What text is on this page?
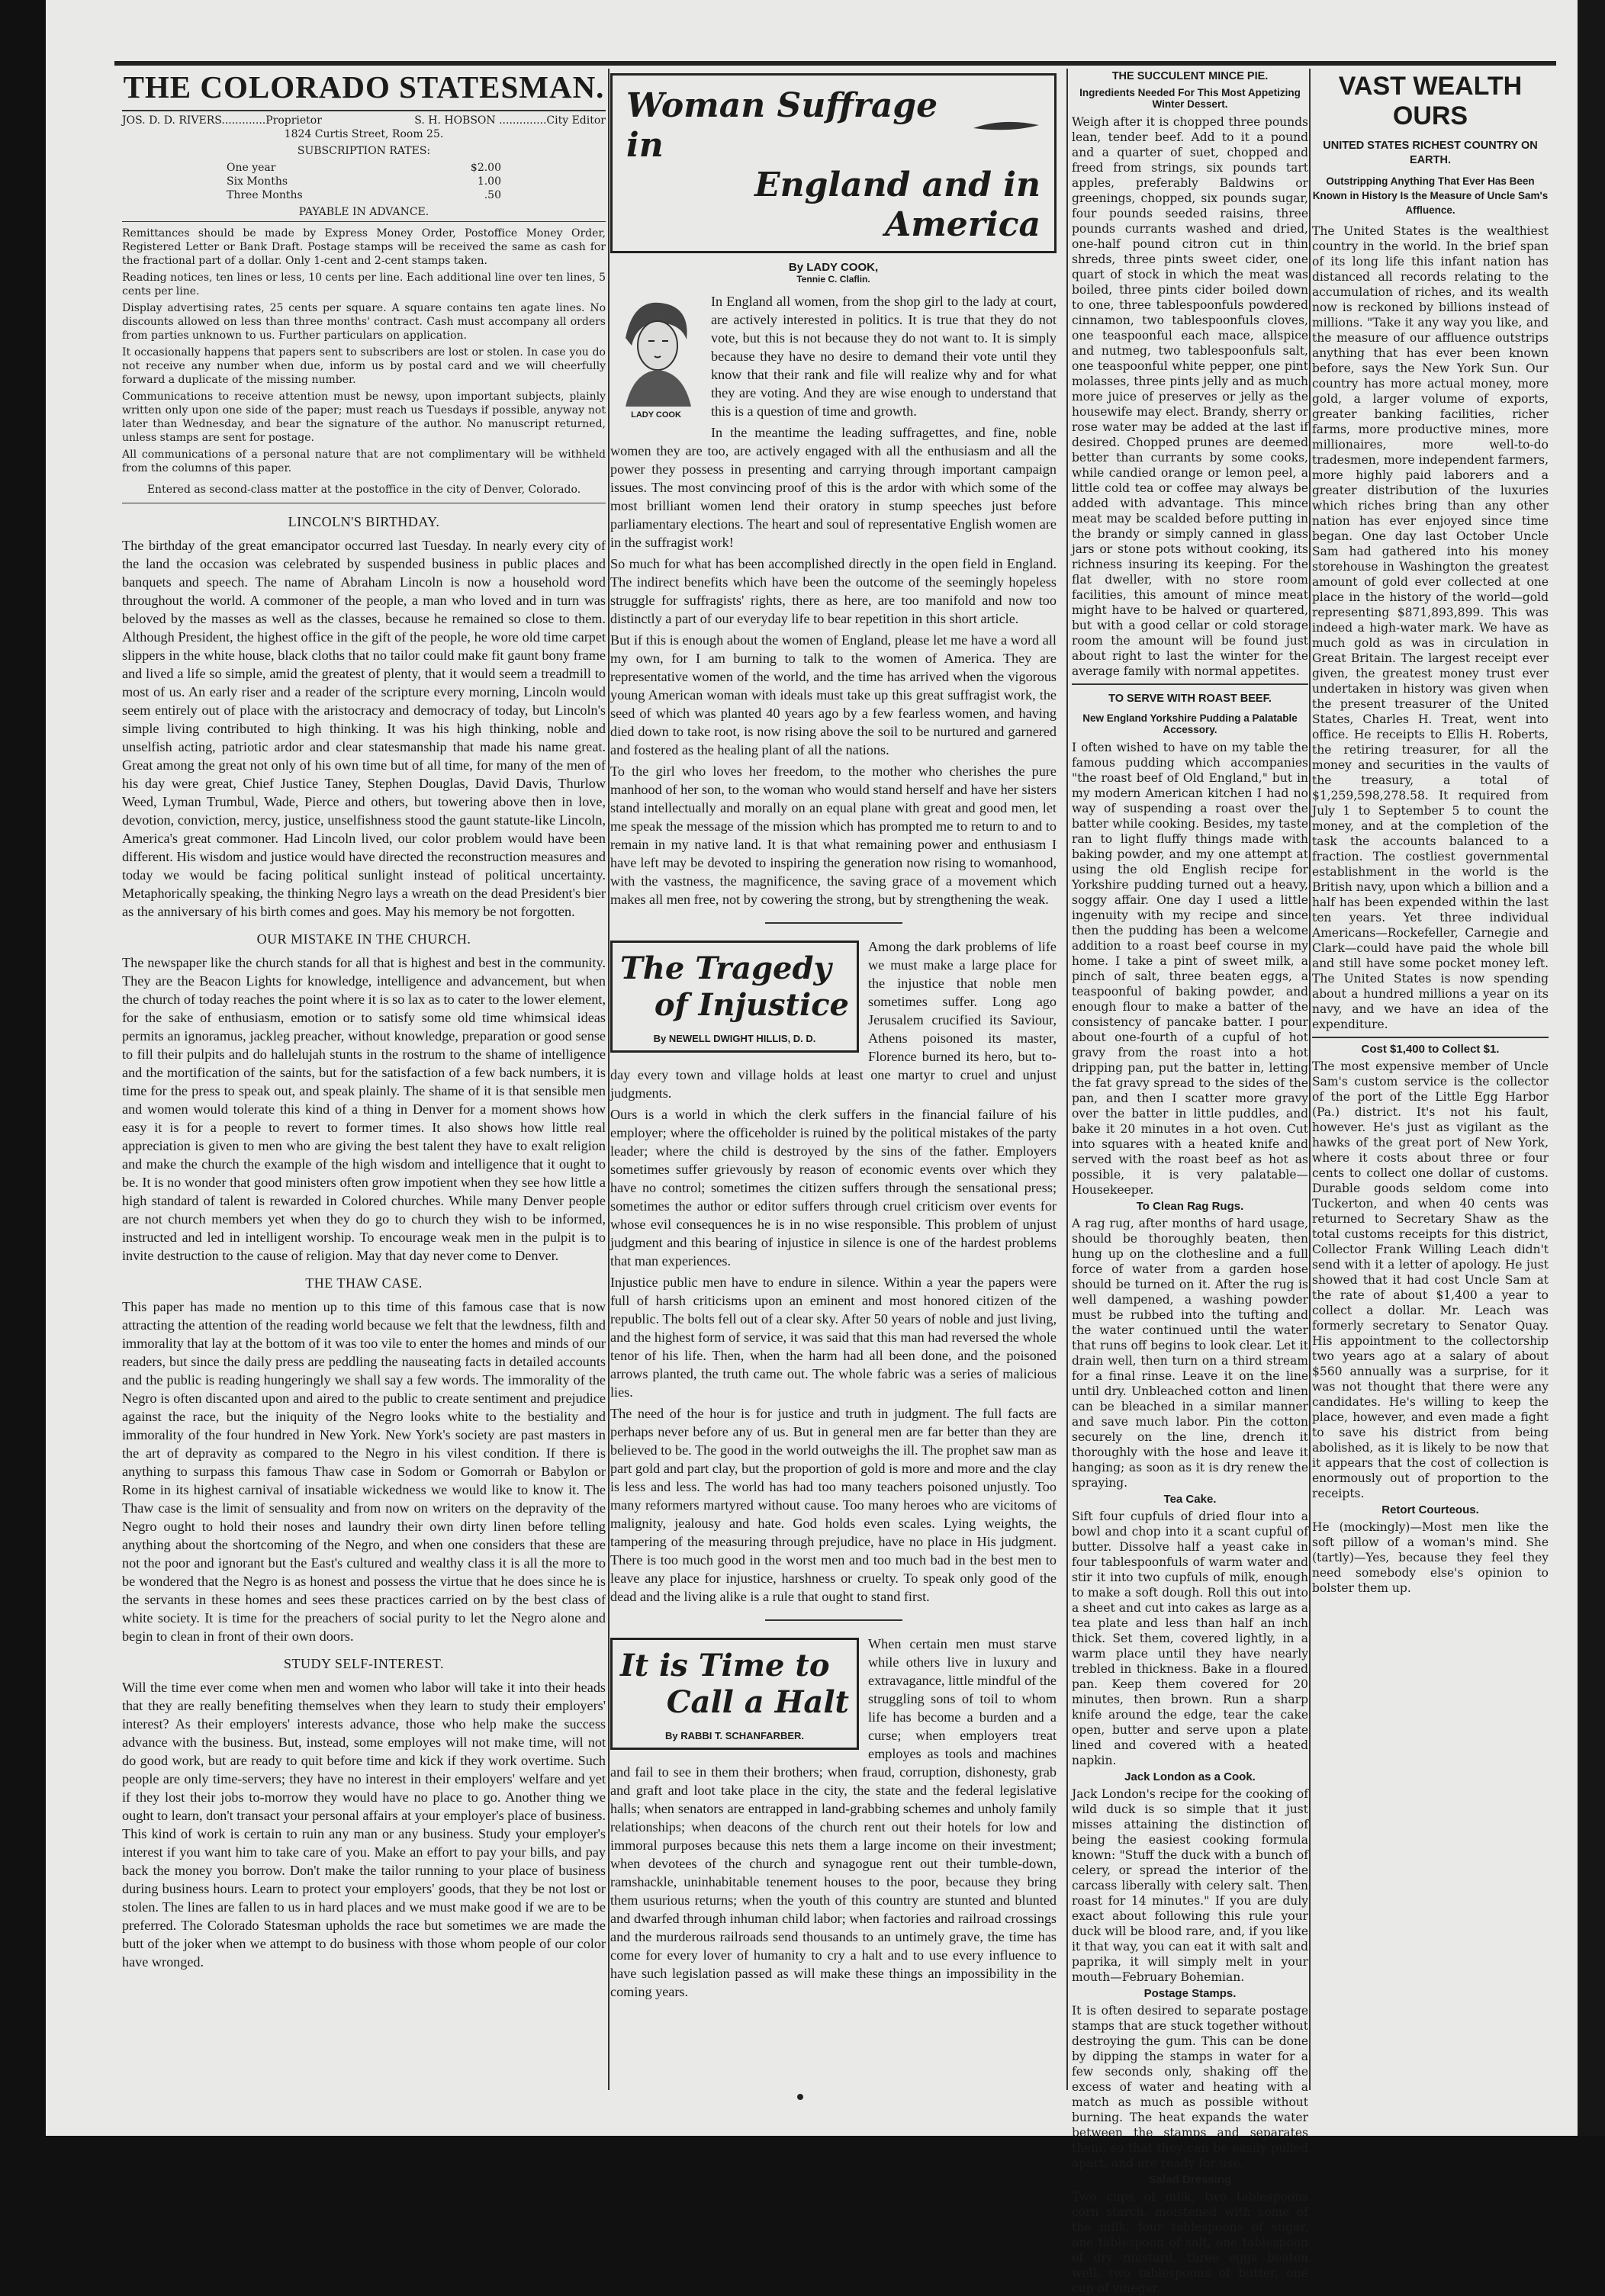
THE COLORADO STATESMAN.
JOS. D. D. RIVERS.............Proprietor	S. H. HOBSON ..............City Editor
1824 Curtis Street, Room 25.
SUBSCRIPTION RATES:
One year	$2.00
Six Months	1.00
Three Months	.50
PAYABLE IN ADVANCE.

Remittances should be made by Express Money Order, Postoffice Money Order, Registered Letter or Bank Draft. Postage stamps will be received the same as cash for the fractional part of a dollar. Only 1-cent and 2-cent stamps taken.

Reading notices, ten lines or less, 10 cents per line. Each additional line over ten lines, 5 cents per line.

Display advertising rates, 25 cents per square. A square contains ten agate lines. No discounts allowed on less than three months' contract. Cash must accompany all orders from parties unknown to us. Further particulars on application.

It occasionally happens that papers sent to subscribers are lost or stolen. In case you do not receive any number when due, inform us by postal card and we will cheerfully forward a duplicate of the missing number.

Communications to receive attention must be newsy, upon important subjects, plainly written only upon one side of the paper; must reach us Tuesdays if possible, anyway not later than Wednesday, and bear the signature of the author. No manuscript returned, unless stamps are sent for postage.

All communications of a personal nature that are not complimentary will be withheld from the columns of this paper.

Entered as second-class matter at the postoffice in the city of Denver, Colorado.

LINCOLN'S BIRTHDAY.

The birthday of the great emancipator occurred last Tuesday. In nearly every city of the land the occasion was celebrated by suspended business in public places and banquets and speech. The name of Abraham Lincoln is now a household word throughout the world. A commoner of the people, a man who loved and in turn was beloved by the masses as well as the classes, because he remained so close to them. Although President, the highest office in the gift of the people, he wore old time carpet slippers in the white house, black cloths that no tailor could make fit gaunt bony frame and lived a life so simple, amid the greatest of plenty, that it would seem a treadmill to most of us. An early riser and a reader of the scripture every morning, Lincoln would seem entirely out of place with the aristocracy and democracy of today, but Lincoln's simple living contributed to high thinking. It was his high thinking, noble and unselfish acting, patriotic ardor and clear statesmanship that made his name great. Great among the great not only of his own time but of all time, for many of the men of his day were great, Chief Justice Taney, Stephen Douglas, David Davis, Thurlow Weed, Lyman Trumbul, Wade, Pierce and others, but towering above then in love, devotion, conviction, mercy, justice, unselfishness stood the gaunt statute-like Lincoln, America's great commoner. Had Lincoln lived, our color problem would have been different. His wisdom and justice would have directed the reconstruction measures and today we would be facing political sunlight instead of political uncertainty. Metaphorically speaking, the thinking Negro lays a wreath on the dead President's bier as the anniversary of his birth comes and goes. May his memory be not forgotten.

OUR MISTAKE IN THE CHURCH.

The newspaper like the church stands for all that is highest and best in the community. They are the Beacon Lights for knowledge, intelligence and advancement, but when the church of today reaches the point where it is so lax as to cater to the lower element, for the sake of enthusiasm, emotion or to satisfy some old time whimsical ideas permits an ignoramus, jackleg preacher, without knowledge, preparation or good sense to fill their pulpits and do hallelujah stunts in the rostrum to the shame of intelligence and the mortification of the saints, but for the satisfaction of a few back numbers, it is time for the press to speak out, and speak plainly. The shame of it is that sensible men and women would tolerate this kind of a thing in Denver for a moment shows how easy it is for a people to revert to former times. It also shows how little real appreciation is given to men who are giving the best talent they have to exalt religion and make the church the example of the high wisdom and intelligence that it ought to be. It is no wonder that good ministers often grow impotient when they see how little a high standard of talent is rewarded in Colored churches. While many Denver people are not church members yet when they do go to church they wish to be informed, instructed and led in intelligent worship. To encourage weak men in the pulpit is to invite destruction to the cause of religion. May that day never come to Denver.

THE THAW CASE.

This paper has made no mention up to this time of this famous case that is now attracting the attention of the reading world because we felt that the lewdness, filth and immorality that lay at the bottom of it was too vile to enter the homes and minds of our readers, but since the daily press are peddling the nauseating facts in detailed accounts and the public is reading hungeringly we shall say a few words. The immorality of the Negro is often discanted upon and aired to the public to create sentiment and prejudice against the race, but the iniquity of the Negro looks white to the bestiality and immorality of the four hundred in New York. New York's society are past masters in the art of depravity as compared to the Negro in his vilest condition. If there is anything to surpass this famous Thaw case in Sodom or Gomorrah or Babylon or Rome in its highest carnival of insatiable wickedness we would like to know it. The Thaw case is the limit of sensuality and from now on writers on the depravity of the Negro ought to hold their noses and laundry their own dirty linen before telling anything about the shortcoming of the Negro, and when one considers that these are not the poor and ignorant but the East's cultured and wealthy class it is all the more to be wondered that the Negro is as honest and possess the virtue that he does since he is the servants in these homes and sees these practices carried on by the best class of white society. It is time for the preachers of social purity to let the Negro alone and begin to clean in front of their own doors.

STUDY SELF-INTEREST.

Will the time ever come when men and women who labor will take it into their heads that they are really benefiting themselves when they learn to study their employers' interest? As their employers' interests advance, those who help make the success advance with the business. But, instead, some employes will not make time, will not do good work, but are ready to quit before time and kick if they work overtime. Such people are only time-servers; they have no interest in their employers' welfare and yet if they lost their jobs to-morrow they would have no place to go. Another thing we ought to learn, don't transact your personal affairs at your employer's place of business. This kind of work is certain to ruin any man or any business. Study your employer's interest if you want him to take care of you. Make an effort to pay your bills, and pay back the money you borrow. Don't make the tailor running to your place of business during business hours. Learn to protect your employers' goods, that they be not lost or stolen. The lines are fallen to us in hard places and we must make good if we are to be preferred. The Colorado Statesman upholds the race but sometimes we are made the butt of the joker when we attempt to do business with those whom people of our color have wronged.

Woman Suffrage in
England and in America
By LADY COOK,
Tennie C. Claflin.
LADY COOK

In England all women, from the shop girl to the lady at court, are actively interested in politics. It is true that they do not vote, but this is not because they do not want to. It is simply because they have no desire to demand their vote until they know that their rank and file will realize why and for what they are voting. And they are wise enough to understand that this is a question of time and growth.

In the meantime the leading suffragettes, and fine, noble women they are too, are actively engaged with all the enthusiasm and all the power they possess in presenting and carrying through important campaign issues. The most convincing proof of this is the ardor with which some of the most brilliant women lend their oratory in stump speeches just before parliamentary elections. The heart and soul of representative English women are in the suffragist work!

So much for what has been accomplished directly in the open field in England. The indirect benefits which have been the outcome of the seemingly hopeless struggle for suffragists' rights, there as here, are too manifold and now too distinctly a part of our everyday life to bear repetition in this short article.

But if this is enough about the women of England, please let me have a word all my own, for I am burning to talk to the women of America. They are representative women of the world, and the time has arrived when the vigorous young American woman with ideals must take up this great suffragist work, the seed of which was planted 40 years ago by a few fearless women, and having died down to take root, is now rising above the soil to be nurtured and garnered and fostered as the healing plant of all the nations.

To the girl who loves her freedom, to the mother who cherishes the pure manhood of her son, to the woman who would stand herself and have her sisters stand intellectually and morally on an equal plane with great and good men, let me speak the message of the mission which has prompted me to return to and to remain in my native land. It is that what remaining power and enthusiasm I have left may be devoted to inspiring the generation now rising to womanhood, with the vastness, the magnificence, the saving grace of a movement which makes all men free, not by cowering the strong, but by strengthening the weak.

The Tragedy
of Injustice
By NEWELL DWIGHT HILLIS, D. D.

Among the dark problems of life we must make a large place for the injustice that noble men sometimes suffer. Long ago Jerusalem crucified its Saviour, Athens poisoned its master, Florence burned its hero, but to-day every town and village holds at least one martyr to cruel and unjust judgments.

Ours is a world in which the clerk suffers in the financial failure of his employer; where the officeholder is ruined by the political mistakes of the party leader; where the child is destroyed by the sins of the father. Employers sometimes suffer grievously by reason of economic events over which they have no control; sometimes the citizen suffers through the sensational press; sometimes the author or editor suffers through cruel criticism over events for whose evil consequences he is in no wise responsible. This problem of unjust judgment and this bearing of injustice in silence is one of the hardest problems that man experiences.

Injustice public men have to endure in silence. Within a year the papers were full of harsh criticisms upon an eminent and most honored citizen of the republic. The bolts fell out of a clear sky. After 50 years of noble and just living, and the highest form of service, it was said that this man had reversed the whole tenor of his life. Then, when the harm had all been done, and the poisoned arrows planted, the truth came out. The whole fabric was a series of malicious lies.

The need of the hour is for justice and truth in judgment. The full facts are perhaps never before any of us. But in general men are far better than they are believed to be. The good in the world outweighs the ill. The prophet saw man as part gold and part clay, but the proportion of gold is more and more and the clay is less and less. The world has had too many teachers poisoned unjustly. Too many reformers martyred without cause. Too many heroes who are vicitoms of malignity, jealousy and hate. God holds even scales. Lying weights, the tampering of the measuring through prejudice, have no place in His judgment. There is too much good in the worst men and too much bad in the best men to leave any place for injustice, harshness or cruelty. To speak only good of the dead and the living alike is a rule that ought to stand first.

It is Time to
Call a Halt
By RABBI T. SCHANFARBER.

When certain men must starve while others live in luxury and extravagance, little mindful of the struggling sons of toil to whom life has become a burden and a curse; when employers treat employes as tools and machines and fail to see in them their brothers; when fraud, corruption, dishonesty, grab and graft and loot take place in the city, the state and the federal legislative halls; when senators are entrapped in land-grabbing schemes and unholy family relationships; when deacons of the church rent out their hotels for low and immoral purposes because this nets them a large income on their investment; when devotees of the church and synagogue rent out their tumble-down, ramshackle, uninhabitable tenement houses to the poor, because they bring them usurious returns; when the youth of this country are stunted and blunted and dwarfed through inhuman child labor; when factories and railroad crossings and the murderous railroads send thousands to an untimely grave, the time has come for every lover of humanity to cry a halt and to use every influence to have such legislation passed as will make these things an impossibility in the coming years.

THE SUCCULENT MINCE PIE.
Ingredients Needed For This Most Appetizing Winter Dessert.

Weigh after it is chopped three pounds lean, tender beef. Add to it a pound and a quarter of suet, chopped and freed from strings, six pounds tart apples, preferably Baldwins or greenings, chopped, six pounds sugar, four pounds seeded raisins, three pounds currants washed and dried, one-half pound citron cut in thin shreds, three pints sweet cider, one quart of stock in which the meat was boiled, three pints cider boiled down to one, three tablespoonfuls powdered cinnamon, two tablespoonfuls cloves, one teaspoonful each mace, allspice and nutmeg, two tablespoonfuls salt, one teaspoonful white pepper, one pint molasses, three pints jelly and as much more juice of preserves or jelly as the housewife may elect. Brandy, sherry or rose water may be added at the last if desired. Chopped prunes are deemed better than currants by some cooks, while candied orange or lemon peel, a little cold tea or coffee may always be added with advantage. This mince meat may be scalded before putting in the brandy or simply canned in glass jars or stone pots without cooking, its richness insuring its keeping. For the flat dweller, with no store room facilities, this amount of mince meat might have to be halved or quartered, but with a good cellar or cold storage room the amount will be found just about right to last the winter for the average family with normal appetites.

TO SERVE WITH ROAST BEEF.
New England Yorkshire Pudding a Palatable Accessory.

I often wished to have on my table the famous pudding which accompanies "the roast beef of Old England," but in my modern American kitchen I had no way of suspending a roast over the batter while cooking. Besides, my taste ran to light fluffy things made with baking powder, and my one attempt at using the old English recipe for Yorkshire pudding turned out a heavy, soggy affair. One day I used a little ingenuity with my recipe and since then the pudding has been a welcome addition to a roast beef course in my home. I take a pint of sweet milk, a pinch of salt, three beaten eggs, a teaspoonful of baking powder, and enough flour to make a batter of the consistency of pancake batter. I pour about one-fourth of a cupful of hot gravy from the roast into a hot dripping pan, put the batter in, letting the fat gravy spread to the sides of the pan, and then I scatter more gravy over the batter in little puddles, and bake it 20 minutes in a hot oven. Cut into squares with a heated knife and served with the roast beef as hot as possible, it is very palatable—Housekeeper.

To Clean Rag Rugs.

A rag rug, after months of hard usage, should be thoroughly beaten, then hung up on the clothesline and a full force of water from a garden hose should be turned on it. After the rug is well dampened, a washing powder must be rubbed into the tufting and the water continued until the water that runs off begins to look clear. Let it drain well, then turn on a third stream for a final rinse. Leave it on the line until dry. Unbleached cotton and linen can be bleached in a similar manner and save much labor. Pin the cotton securely on the line, drench it thoroughly with the hose and leave it hanging; as soon as it is dry renew the spraying.

Tea Cake.

Sift four cupfuls of dried flour into a bowl and chop into it a scant cupful of butter. Dissolve half a yeast cake in four tablespoonfuls of warm water and stir it into two cupfuls of milk, enough to make a soft dough. Roll this out into a sheet and cut into cakes as large as a tea plate and less than half an inch thick. Set them, covered lightly, in a warm place until they have nearly trebled in thickness. Bake in a floured pan. Keep them covered for 20 minutes, then brown. Run a sharp knife around the edge, tear the cake open, butter and serve upon a plate lined and covered with a heated napkin.

Jack London as a Cook.

Jack London's recipe for the cooking of wild duck is so simple that it just misses attaining the distinction of being the easiest cooking formula known: "Stuff the duck with a bunch of celery, or spread the interior of the carcass liberally with celery salt. Then roast for 14 minutes." If you are duly exact about following this rule your duck will be blood rare, and, if you like it that way, you can eat it with salt and paprika, it will simply melt in your mouth—February Bohemian.

Postage Stamps.

It is often desired to separate postage stamps that are stuck together without destroying the gum. This can be done by dipping the stamps in water for a few seconds only, shaking off the excess of water and heating with a match as much as possible without burning. The heat expands the water between the stamps and separates them, so that they can be easily pulled apart, and are ready for use.

Salad Dressing

Two cups of milk, two tablespoons corn starch, moistened with some of the milk, four tablespoons of sugar, one tablespoon of salt, one tablespoon of dry mustard, three eggs beaten well, two tablespoons of butter, one cup of vinegar.

VAST WEALTH OURS
UNITED STATES RICHEST COUNTRY ON EARTH.
Outstripping Anything That Ever Has Been Known in History Is the Measure of Uncle Sam's Affluence.

The United States is the wealthiest country in the world. In the brief span of its long life this infant nation has distanced all records relating to the accumulation of riches, and its wealth now is reckoned by billions instead of millions. "Take it any way you like, and the measure of our affluence outstrips anything that has ever been known before, says the New York Sun. Our country has more actual money, more gold, a larger volume of exports, greater banking facilities, richer farms, more productive mines, more millionaires, more well-to-do tradesmen, more independent farmers, more highly paid laborers and a greater distribution of the luxuries which riches bring than any other nation has ever enjoyed since time began. One day last October Uncle Sam had gathered into his money storehouse in Washington the greatest amount of gold ever collected at one place in the history of the world—gold representing $871,893,899. This was indeed a high-water mark. We have as much gold as was in circulation in Great Britain. The largest receipt ever given, the greatest money trust ever undertaken in history was given when the present treasurer of the United States, Charles H. Treat, went into office. He receipts to Ellis H. Roberts, the retiring treasurer, for all the money and securities in the vaults of the treasury, a total of $1,259,598,278.58. It required from July 1 to September 5 to count the money, and at the completion of the task the accounts balanced to a fraction. The costliest governmental establishment in the world is the British navy, upon which a billion and a half has been expended within the last ten years. Yet three individual Americans—Rockefeller, Carnegie and Clark—could have paid the whole bill and still have some pocket money left. The United States is now spending about a hundred millions a year on its navy, and we have an idea of the expenditure.

Cost $1,400 to Collect $1.

The most expensive member of Uncle Sam's custom service is the collector of the port of the Little Egg Harbor (Pa.) district. It's not his fault, however. He's just as vigilant as the hawks of the great port of New York, where it costs about three or four cents to collect one dollar of customs. Durable goods seldom come into Tuckerton, and when 40 cents was returned to Secretary Shaw as the total customs receipts for this district, Collector Frank Willing Leach didn't send with it a letter of apology. He just showed that it had cost Uncle Sam at the rate of about $1,400 a year to collect a dollar. Mr. Leach was formerly secretary to Senator Quay. His appointment to the collectorship two years ago at a salary of about $560 annually was a surprise, for it was not thought that there were any candidates. He's willing to keep the place, however, and even made a fight to save his district from being abolished, as it is likely to be now that it appears that the cost of collection is enormously out of proportion to the receipts.

Retort Courteous.

He (mockingly)—Most men like the soft pillow of a woman's mind. She (tartly)—Yes, because they feel they need somebody else's opinion to bolster them up.
